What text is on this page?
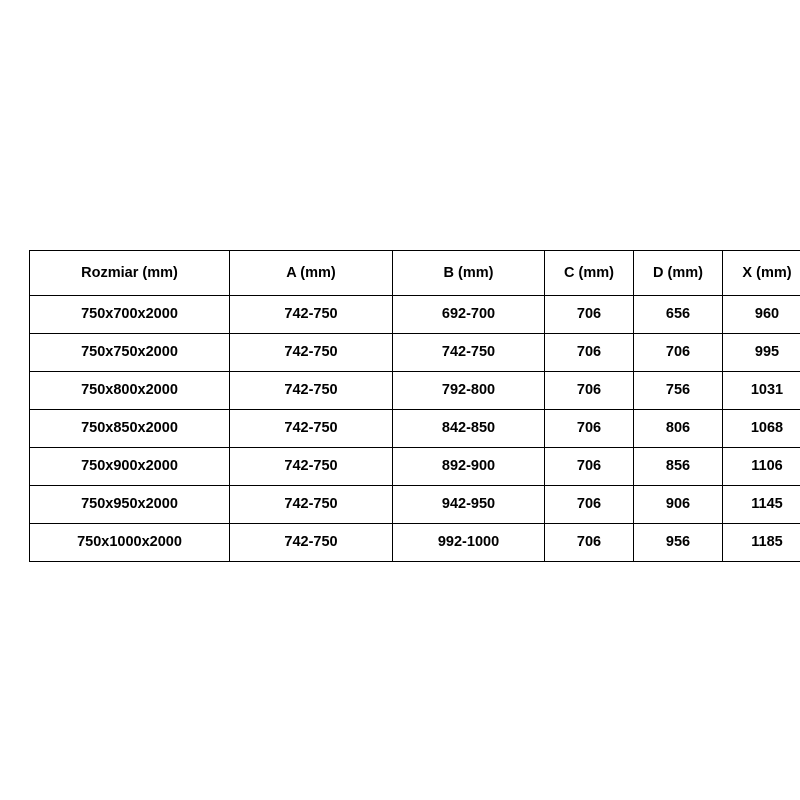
Rozmiar (mm)	A (mm)	B (mm)	C (mm)	D (mm)	X (mm)
750x700x2000	742-750	692-700	706	656	960
750x750x2000	742-750	742-750	706	706	995
750x800x2000	742-750	792-800	706	756	1031
750x850x2000	742-750	842-850	706	806	1068
750x900x2000	742-750	892-900	706	856	1106
750x950x2000	742-750	942-950	706	906	1145
750x1000x2000	742-750	992-1000	706	956	1185
